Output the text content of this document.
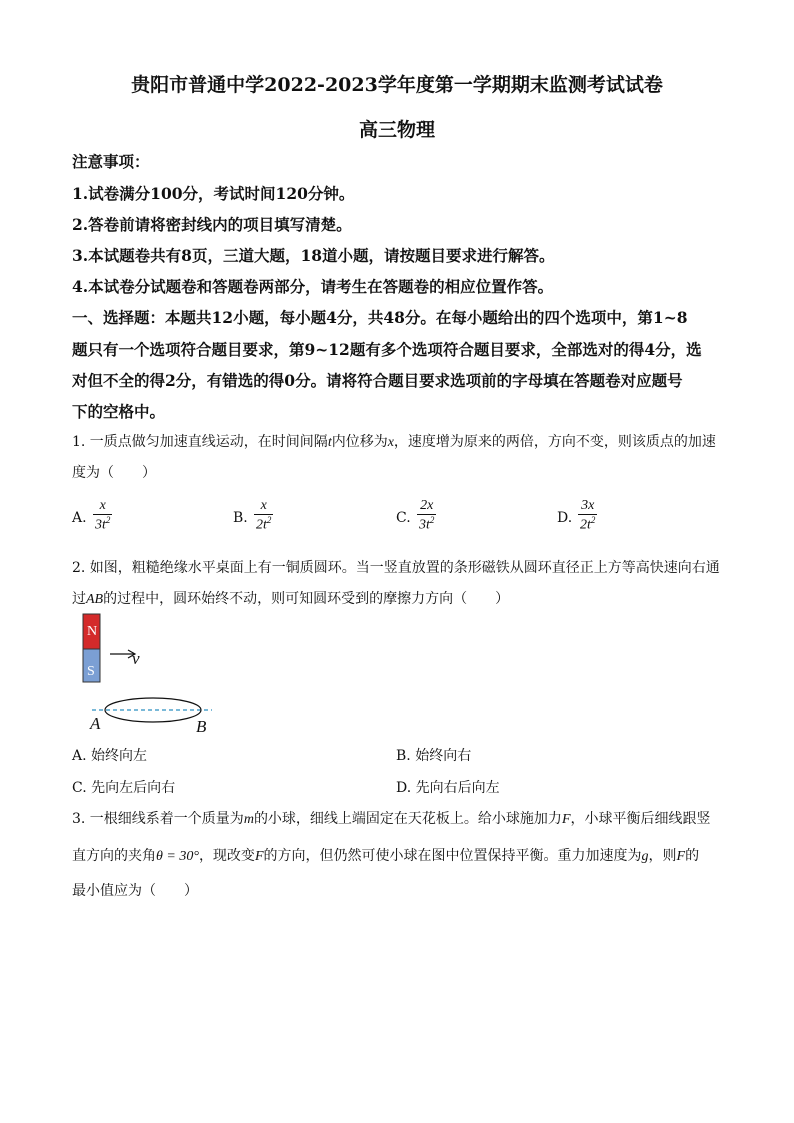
贵阳市普通中学2022-2023学年度第一学期期末监测考试试卷
高三物理
注意事项：
1.试卷满分100分，考试时间120分钟。
2.答卷前请将密封线内的项目填写清楚。
3.本试题卷共有8页，三道大题，18道小题，请按题目要求进行解答。
4.本试卷分试题卷和答题卷两部分，请考生在答题卷的相应位置作答。
一、选择题：本题共12小题，每小题4分，共48分。在每小题给出的四个选项中，第1~8
题只有一个选项符合题目要求，第9~12题有多个选项符合题目要求，全部选对的得4分，选
对但不全的得2分，有错选的得0分。请将符合题目要求选项前的字母填在答题卷对应题号
下的空格中。
1. 一质点做匀加速直线运动，在时间间隔t内位移为x，速度增为原来的两倍，方向不变，则该质点的加速
度为（　　）
A. $\frac{x}{3t^2}$	B. $\frac{x}{2t^2}$	C. $\frac{2x}{3t^2}$	D. $\frac{3x}{2t^2}$
2. 如图，粗糙绝缘水平桌面上有一铜质圆环。当一竖直放置的条形磁铁从圆环直径正上方等高快速向右通
过AB的过程中，圆环始终不动，则可知圆环受到的摩擦力方向（　　）
N
S
v
A	B
A. 始终向左	B. 始终向右
C. 先向左后向右	D. 先向右后向左
3. 一根细线系着一个质量为m的小球，细线上端固定在天花板上。给小球施加力F，小球平衡后细线跟竖
直方向的夹角θ = 30°，现改变F的方向，但仍然可使小球在图中位置保持平衡。重力加速度为g，则F的
最小值应为（　　）
